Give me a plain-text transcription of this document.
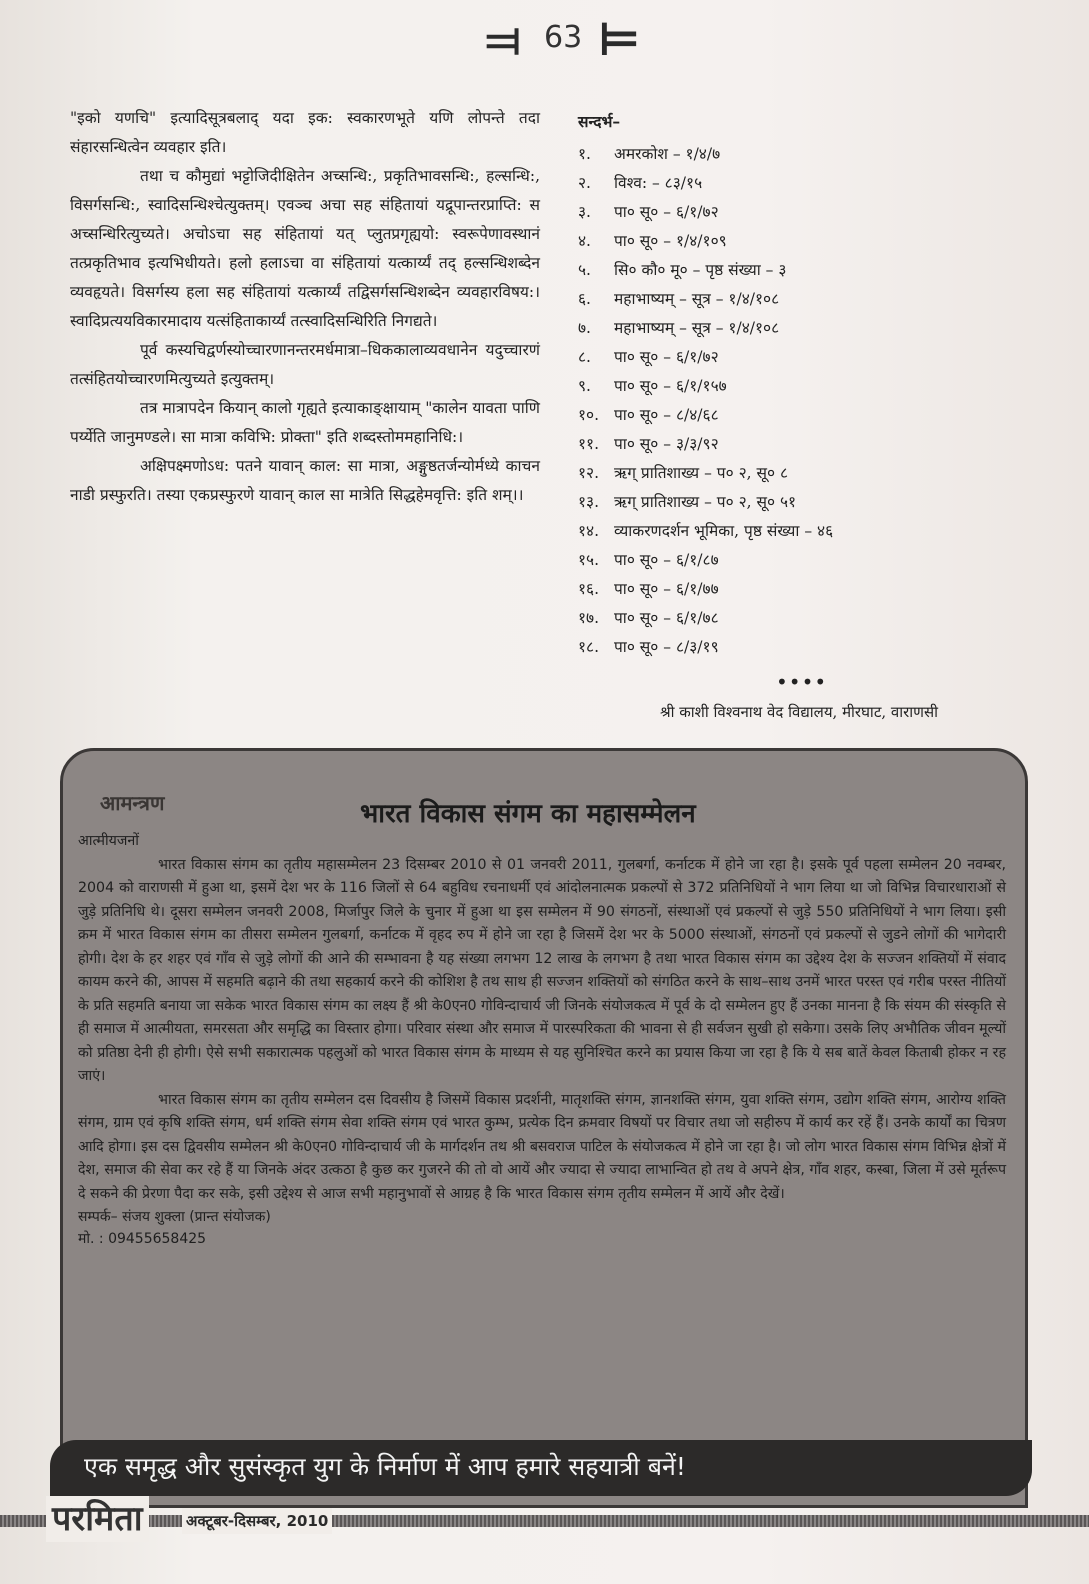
⫤ 63 ⊨

"इको यणचि" इत्यादिसूत्रबलाद् यदा इक: स्वकारणभूते यणि लोपन्ते तदा संहारसन्धित्वेन व्यवहार इति।

तथा च कौमुद्यां भट्टोजिदीक्षितेन अच्सन्धि:, प्रकृतिभावसन्धि:, हल्सन्धि:, विसर्गसन्धि:, स्वादिसन्धिश्चेत्युक्तम्। एवञ्च अचा सह संहितायां यद्रूपान्तरप्राप्ति: स अच्सन्धिरित्युच्यते। अचोऽचा सह संहितायां यत् प्लुतप्रगृह्ययो: स्वरूपेणावस्थानं तत्प्रकृतिभाव इत्यभिधीयते। हलो हलाऽचा वा संहितायां यत्कार्य्यं तद् हल्सन्धिशब्देन व्यवहृयते। विसर्गस्य हला सह संहितायां यत्कार्य्यं तद्विसर्गसन्धिशब्देन व्यवहारविषय:। स्वादिप्रत्ययविकारमादाय यत्संहिताकार्य्यं तत्स्वादिसन्धिरिति निगद्यते।

पूर्व कस्यचिद्वर्णस्योच्चारणानन्तरमर्धमात्रा–धिककालाव्यवधानेन यदुच्चारणं तत्संहितयोच्चारणमित्युच्यते इत्युक्तम्।

तत्र मात्रापदेन कियान् कालो गृह्यते इत्याकाङ्क्षायाम् "कालेन यावता पाणि पर्य्येति जानुमण्डले। सा मात्रा कविभि: प्रोक्ता" इति शब्दस्तोममहानिधि:।

अक्षिपक्ष्मणोऽध: पतने यावान् काल: सा मात्रा, अङ्गुष्ठतर्जन्योर्मध्ये काचन नाडी प्रस्फुरति। तस्या एकप्रस्फुरणे यावान् काल सा मात्रेति सिद्धहेमवृत्ति: इति शम्।।

सन्दर्भ–
१.	अमरकोश – १/४/७
२.	विश्व: – ८३/१५
३.	पा० सू० – ६/१/७२
४.	पा० सू० – १/४/१०९
५.	सि० कौ० मू० – पृष्ठ संख्या – ३
६.	महाभाष्यम् – सूत्र – १/४/१०८
७.	महाभाष्यम् – सूत्र – १/४/१०८
८.	पा० सू० – ६/१/७२
९.	पा० सू० – ६/१/१५७
१०. पा० सू० – ८/४/६८
११. पा० सू० – ३/३/९२
१२. ऋग् प्रातिशाख्य – प० २, सू० ८
१३. ऋग् प्रातिशाख्य – प० २, सू० ५१
१४. व्याकरणदर्शन भूमिका, पृष्ठ संख्या – ४६
१५. पा० सू० – ६/१/८७
१६. पा० सू० – ६/१/७७
१७. पा० सू० – ६/१/७८
१८. पा० सू० – ८/३/१९
••••
श्री काशी विश्वनाथ वेद विद्यालय, मीरघाट, वाराणसी
आमन्त्रण	भारत विकास संगम का महासम्मेलन

आत्मीयजनों

भारत विकास संगम का तृतीय महासम्मेलन 23 दिसम्बर 2010 से 01 जनवरी 2011, गुलबर्गा, कर्नाटक में होने जा रहा है। इसके पूर्व पहला सम्मेलन 20 नवम्बर, 2004 को वाराणसी में हुआ था, इसमें देश भर के 116 जिलों से 64 बहुविध रचनाधर्मी एवं आंदोलनात्मक प्रकल्पों से 372 प्रतिनिधियों ने भाग लिया था जो विभिन्न विचारधाराओं से जुड़े प्रतिनिधि थे। दूसरा सम्मेलन जनवरी 2008, मिर्जापुर जिले के चुनार में हुआ था इस सम्मेलन में 90 संगठनों, संस्थाओं एवं प्रकल्पों से जुड़े 550 प्रतिनिधियों ने भाग लिया। इसी क्रम में भारत विकास संगम का तीसरा सम्मेलन गुलबर्गा, कर्नाटक में वृहद रुप में होने जा रहा है जिसमें देश भर के 5000 संस्थाओं, संगठनों एवं प्रकल्पों से जुडने लोगों की भागेदारी होगी। देश के हर शहर एवं गाँव से जुड़े लोगों की आने की सम्भावना है यह संख्या लगभग 12 लाख के लगभग है तथा भारत विकास संगम का उद्देश्य देश के सज्जन शक्तियों में संवाद कायम करने की, आपस में सहमति बढ़ाने की तथा सहकार्य करने की कोशिश है तथ साथ ही सज्जन शक्तियों को संगठित करने के साथ–साथ उनमें भारत परस्त एवं गरीब परस्त नीतियों के प्रति सहमति बनाया जा सकेक भारत विकास संगम का लक्ष्य हैं श्री के0एन0 गोविन्दाचार्य जी जिनके संयोजकत्व में पूर्व के दो सम्मेलन हुए हैं उनका मानना है कि संयम की संस्कृति से ही समाज में आत्मीयता, समरसता और समृद्धि का विस्तार होगा। परिवार संस्था और समाज में पारस्परिकता की भावना से ही सर्वजन सुखी हो सकेगा। उसके लिए अभौतिक जीवन मूल्यों को प्रतिष्ठा देनी ही होगी। ऐसे सभी सकारात्मक पहलुओं को भारत विकास संगम के माध्यम से यह सुनिश्चित करने का प्रयास किया जा रहा है कि ये सब बातें केवल किताबी होकर न रह जाएं।

भारत विकास संगम का तृतीय सम्मेलन दस दिवसीय है जिसमें विकास प्रदर्शनी, मातृशक्ति संगम, ज्ञानशक्ति संगम, युवा शक्ति संगम, उद्योग शक्ति संगम, आरोग्य शक्ति संगम, ग्राम एवं कृषि शक्ति संगम, धर्म शक्ति संगम सेवा शक्ति संगम एवं भारत कुम्भ, प्रत्येक दिन क्रमवार विषयों पर विचार तथा जो सहीरुप में कार्य कर रहें हैं। उनके कार्यों का चित्रण आदि होगा। इस दस द्विवसीय सम्मेलन श्री के0एन0 गोविन्दाचार्य जी के मार्गदर्शन तथ श्री बसवराज पाटिल के संयोजकत्व में होने जा रहा है। जो लोग भारत विकास संगम विभिन्न क्षेत्रों में देश, समाज की सेवा कर रहे हैं या जिनके अंदर उत्कठा है कुछ कर गुजरने की तो वो आयें और ज्यादा से ज्यादा लाभान्वित हो तथ वे अपने क्षेत्र, गाँव शहर, कस्बा, जिला में उसे मूर्तरूप दे सकने की प्रेरणा पैदा कर सके, इसी उद्देश्य से आज सभी महानुभावों से आग्रह है कि भारत विकास संगम तृतीय सम्मेलन में आयें और देखें।

सम्पर्क– संजय शुक्ला (प्रान्त संयोजक)
मो. : 09455658425
एक समृद्ध और सुसंस्कृत युग के निर्माण में आप हमारे सहयात्री बनें!
परमिता	अक्टूबर-दिसम्बर, 2010
